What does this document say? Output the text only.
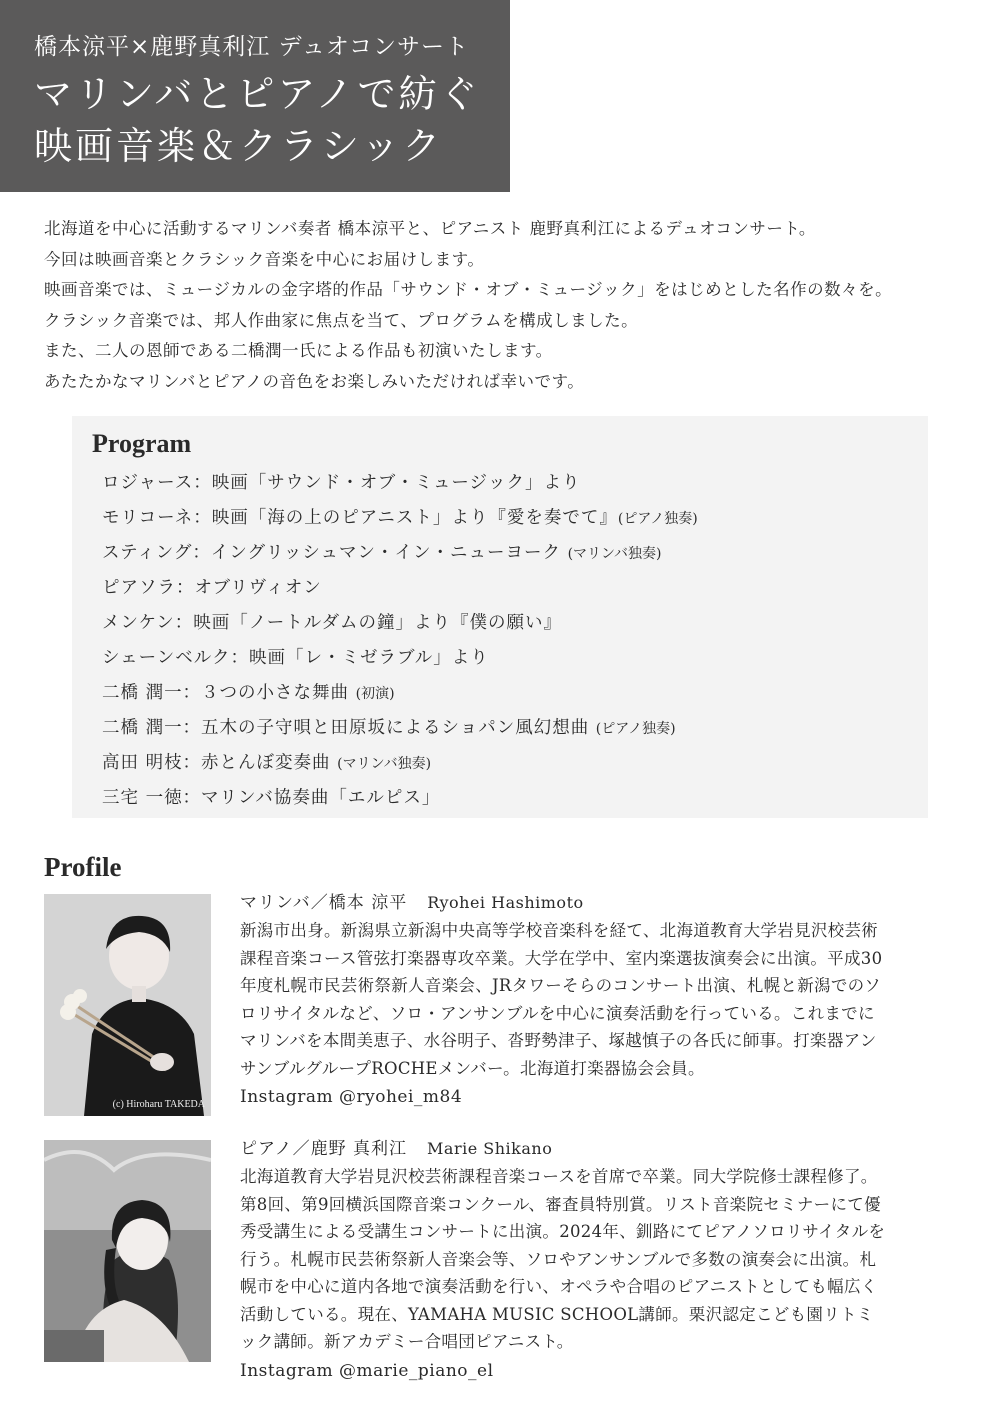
橋本涼平×鹿野真利江 デュオコンサート
マリンバとピアノで紡ぐ
映画音楽＆クラシック

北海道を中心に活動するマリンバ奏者 橋本涼平と、ピアニスト 鹿野真利江によるデュオコンサート。

今回は映画音楽とクラシック音楽を中心にお届けします。

映画音楽では、ミュージカルの金字塔的作品「サウンド・オブ・ミュージック」をはじめとした名作の数々を。

クラシック音楽では、邦人作曲家に焦点を当て、プログラムを構成しました。

また、二人の恩師である二橋潤一氏による作品も初演いたします。

あたたかなマリンバとピアノの音色をお楽しみいただければ幸いです。

Program
ロジャース：映画「サウンド・オブ・ミュージック」より
モリコーネ：映画「海の上のピアニスト」より『愛を奏でて』(ピアノ独奏)
スティング：イングリッシュマン・イン・ニューヨーク (マリンバ独奏)
ピアソラ：オブリヴィオン
メンケン：映画「ノートルダムの鐘」より『僕の願い』
シェーンベルク：映画「レ・ミゼラブル」より
二橋 潤一：３つの小さな舞曲 (初演)
二橋 潤一：五木の子守唄と田原坂によるショパン風幻想曲 (ピアノ独奏)
高田 明枝：赤とんぼ変奏曲 (マリンバ独奏)
三宅 一徳：マリンバ協奏曲「エルピス」
Profile
(c) Hiroharu TAKEDA
マリンバ／橋本 涼平 Ryohei Hashimoto

新潟市出身。新潟県立新潟中央高等学校音楽科を経て、北海道教育大学岩見沢校芸術

課程音楽コース管弦打楽器専攻卒業。大学在学中、室内楽選抜演奏会に出演。平成30

年度札幌市民芸術祭新人音楽会、JRタワーそらのコンサート出演、札幌と新潟でのソ

ロリサイタルなど、ソロ・アンサンブルを中心に演奏活動を行っている。これまでに

マリンバを本間美恵子、水谷明子、沓野勢津子、塚越慎子の各氏に師事。打楽器アン

サンブルグループROCHEメンバー。北海道打楽器協会会員。

Instagram @ryohei_m84
ピアノ／鹿野 真利江 Marie Shikano

北海道教育大学岩見沢校芸術課程音楽コースを首席で卒業。同大学院修士課程修了。

第8回、第9回横浜国際音楽コンクール、審査員特別賞。リスト音楽院セミナーにて優

秀受講生による受講生コンサートに出演。2024年、釧路にてピアノソロリサイタルを

行う。札幌市民芸術祭新人音楽会等、ソロやアンサンブルで多数の演奏会に出演。札

幌市を中心に道内各地で演奏活動を行い、オペラや合唱のピアニストとしても幅広く

活動している。現在、YAMAHA MUSIC SCHOOL講師。栗沢認定こども園リトミ

ック講師。新アカデミー合唱団ピアニスト。

Instagram @marie_piano_el
